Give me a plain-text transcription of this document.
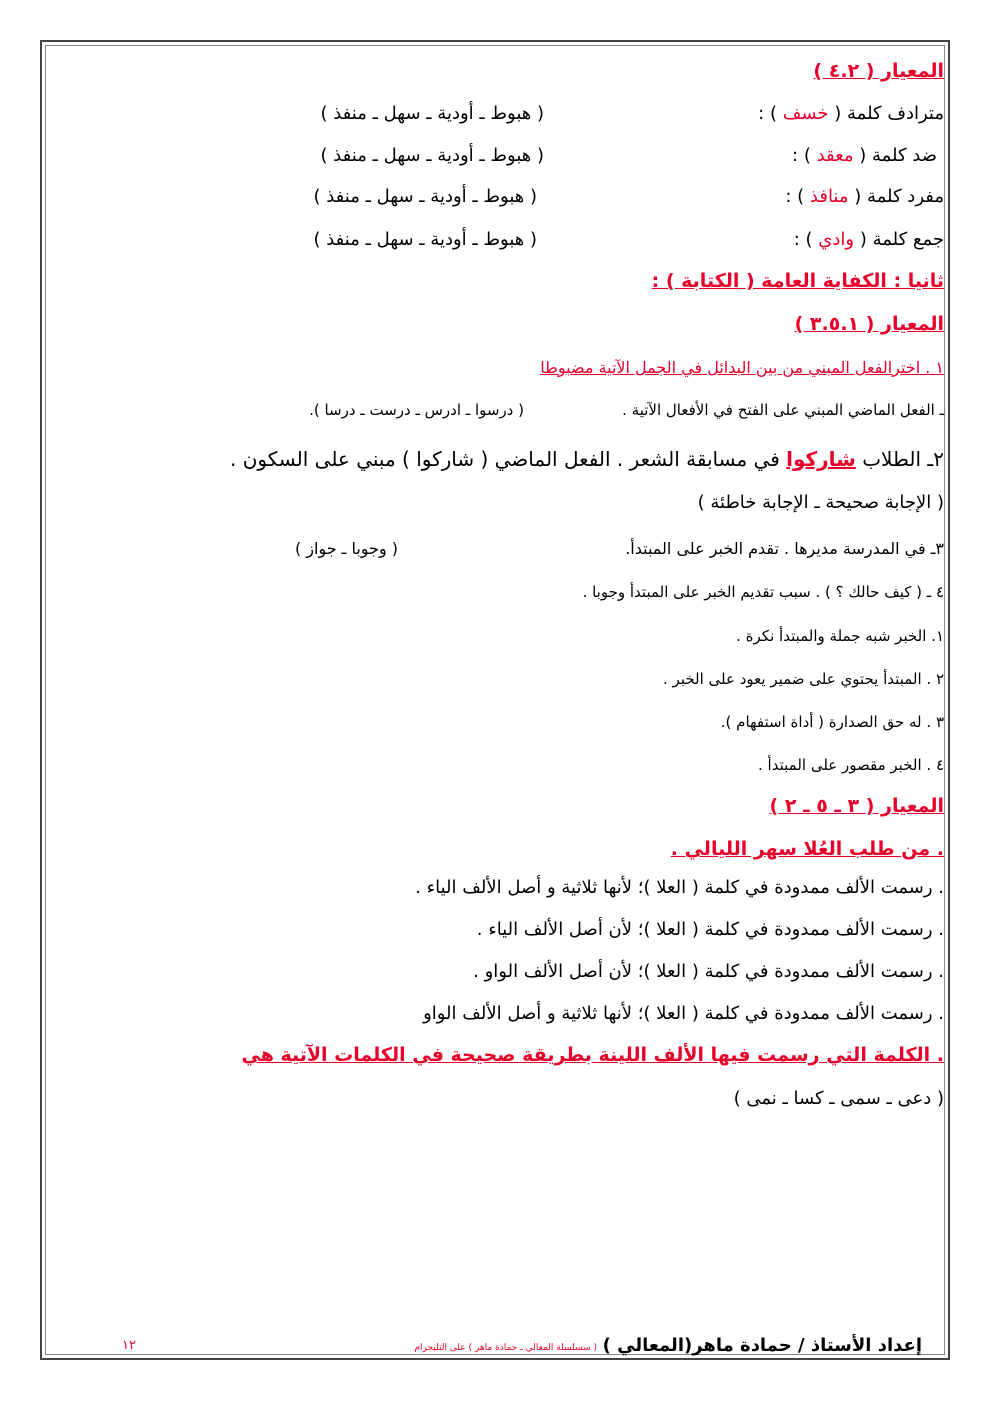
المعيار ( ٤.٢ )
مترادف كلمة ( خسف ) :
( هبوط ـ أودية ـ سهل ـ منفذ )
ضد كلمة ( معقد ) :
( هبوط ـ أودية ـ سهل ـ منفذ )
مفرد كلمة ( منافذ ) :
( هبوط ـ أودية ـ سهل ـ منفذ )
جمع كلمة ( وادي ) :
( هبوط ـ أودية ـ سهل ـ منفذ )
ثانيا : الكفاية العامة ( الكتابة ) :
المعيار ( ٣.٥.١ )
١ . اخترالفعل المبني من بين البدائل في الجمل الآتية مضبوطا
ـ الفعل الماضي المبني على الفتح في الأفعال الآتية .
( درسوا ـ ادرس ـ درست ـ درسا ).
٢ـ الطلاب شاركوا في مسابقة الشعر . الفعل الماضي ( شاركوا ) مبني على السكون .
( الإجابة صحيحة ـ الإجابة خاطئة )
٣ـ في المدرسة مديرها . تقدم الخبر على المبتدأ.
( وجوبا ـ جواز )
٤ ـ ( كيف حالك ؟ ) . سبب تقديم الخبر على المبتدأ وجوبا .
١. الخبر شبه جملة والمبتدأ نكرة .
٢ . المبتدأ يحتوي على ضمير يعود على الخبر .
٣ . له حق الصدارة ( أداة استفهام ).
٤ . الخبر مقصور على المبتدأ .
المعيار ( ٣ ـ ٥ ـ ٢ )
. من طلب العُلا سهر الليالي .
. رسمت الألف ممدودة في كلمة ( العلا )؛ لأنها ثلاثية و أصل الألف الياء .
. رسمت الألف ممدودة في كلمة ( العلا )؛ لأن أصل الألف الياء .
. رسمت الألف ممدودة في كلمة ( العلا )؛ لأن أصل الألف الواو .
. رسمت الألف ممدودة في كلمة ( العلا )؛ لأنها ثلاثية و أصل الألف الواو
. الكلمة التي رسمت فيها الألف اللينة بطريقة صحيحة في الكلمات الآتية هي
( دعى ـ سمى ـ كسا ـ نمى )
إعداد الأستاذ / حمادة ماهر(المعالي )
( سسلسلة المعالي ـ حمادة ماهر ) على التليجرام
١٢
